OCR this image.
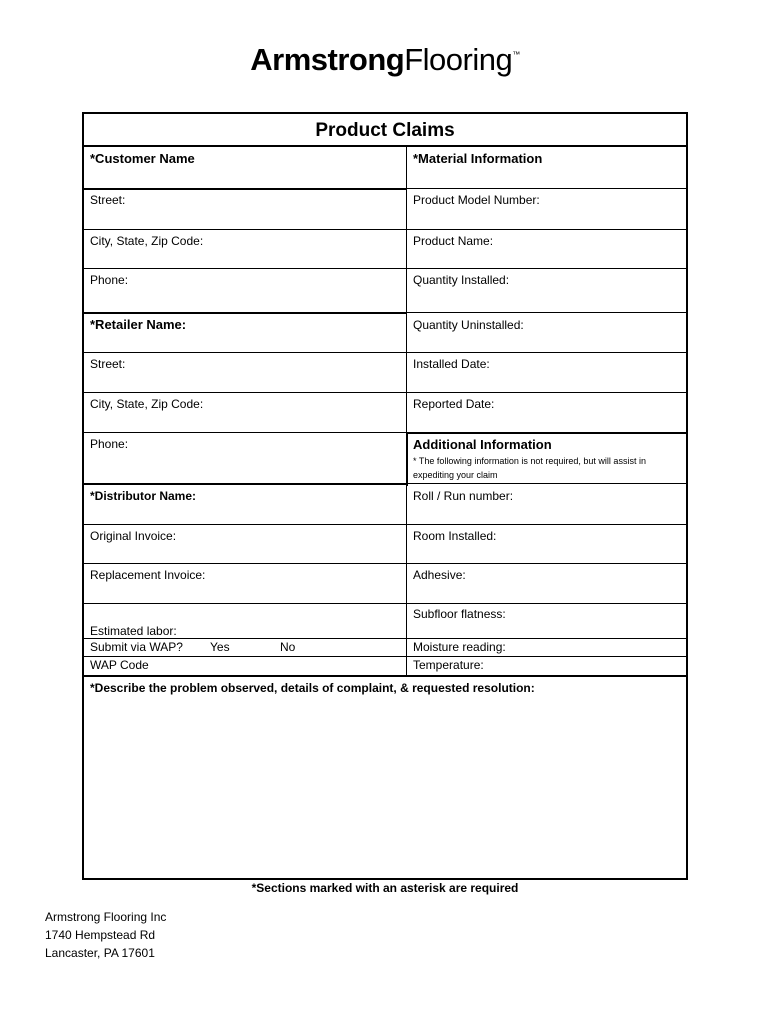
ArmstrongFlooring™
Product Claims
*Customer Name
Street:
City, State, Zip Code:
Phone:
*Retailer Name:
Street:
City, State, Zip Code:
Phone:
*Distributor Name:
Original Invoice:
Replacement Invoice:
Estimated labor:
Submit via WAP? Yes	No
WAP Code
*Material Information
Product Model Number:
Product Name:
Quantity Installed:
Quantity Uninstalled:
Installed Date:
Reported Date:
Additional Information
* The following information is not required, but will assist in expediting your claim
Roll / Run number:
Room Installed:
Adhesive:
Subfloor flatness:
Moisture reading:
Temperature:
*Describe the problem observed, details of complaint, & requested resolution:
*Sections marked with an asterisk are required
Armstrong Flooring Inc
1740 Hempstead Rd
Lancaster, PA 17601
